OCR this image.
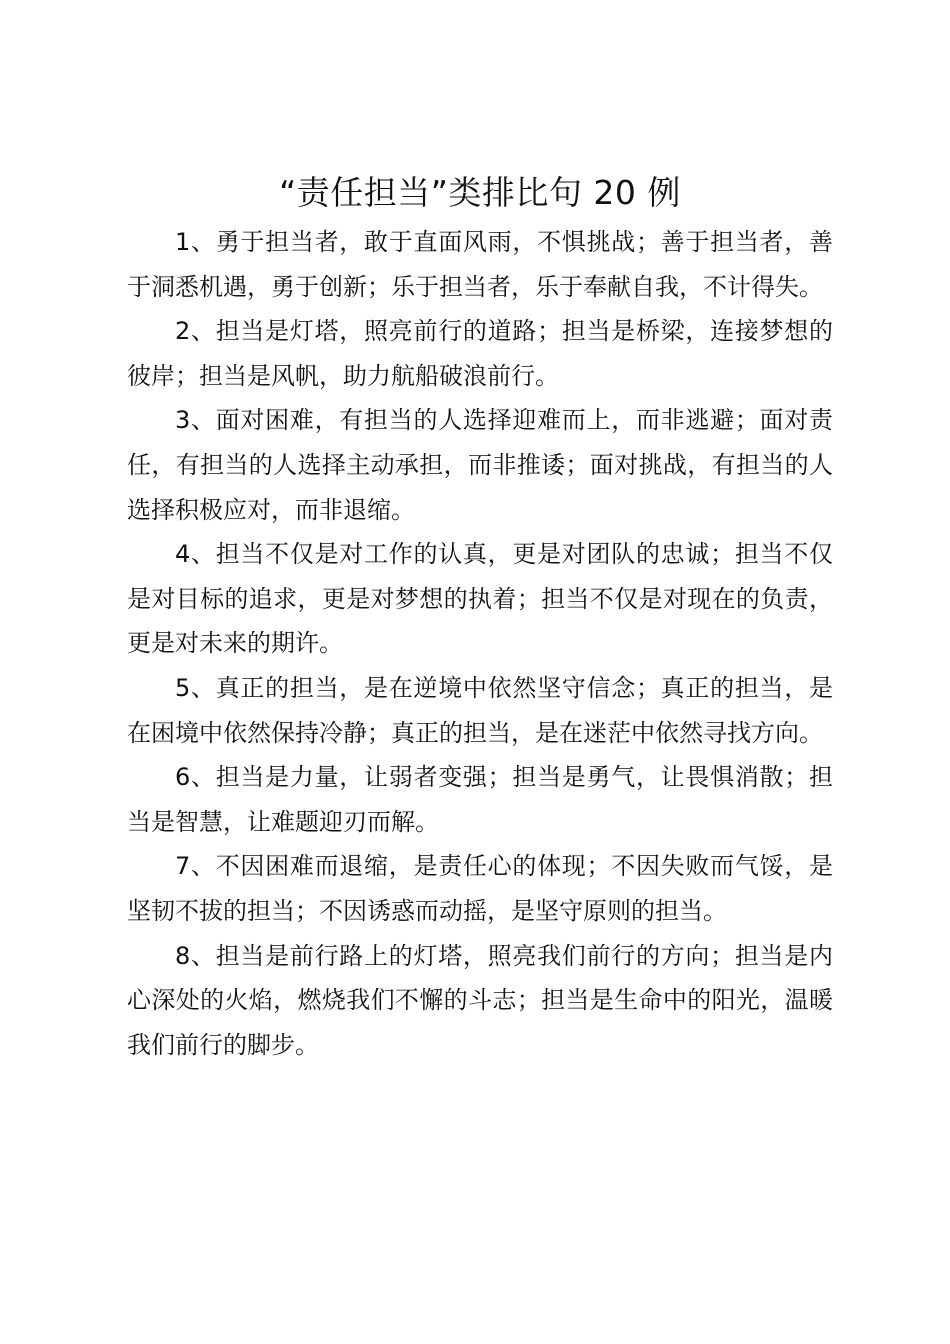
“责任担当”类排比句 20 例

1、勇于担当者，敢于直面风雨，不惧挑战；善于担当者，善于洞悉机遇，勇于创新；乐于担当者，乐于奉献自我，不计得失。

2、担当是灯塔，照亮前行的道路；担当是桥梁，连接梦想的彼岸；担当是风帆，助力航船破浪前行。

3、面对困难，有担当的人选择迎难而上，而非逃避；面对责任，有担当的人选择主动承担，而非推诿；面对挑战，有担当的人选择积极应对，而非退缩。

4、担当不仅是对工作的认真，更是对团队的忠诚；担当不仅是对目标的追求，更是对梦想的执着；担当不仅是对现在的负责，更是对未来的期许。

5、真正的担当，是在逆境中依然坚守信念；真正的担当，是在困境中依然保持冷静；真正的担当，是在迷茫中依然寻找方向。

6、担当是力量，让弱者变强；担当是勇气，让畏惧消散；担当是智慧，让难题迎刃而解。

7、不因困难而退缩，是责任心的体现；不因失败而气馁，是坚韧不拔的担当；不因诱惑而动摇，是坚守原则的担当。

8、担当是前行路上的灯塔，照亮我们前行的方向；担当是内心深处的火焰，燃烧我们不懈的斗志；担当是生命中的阳光，温暖我们前行的脚步。
